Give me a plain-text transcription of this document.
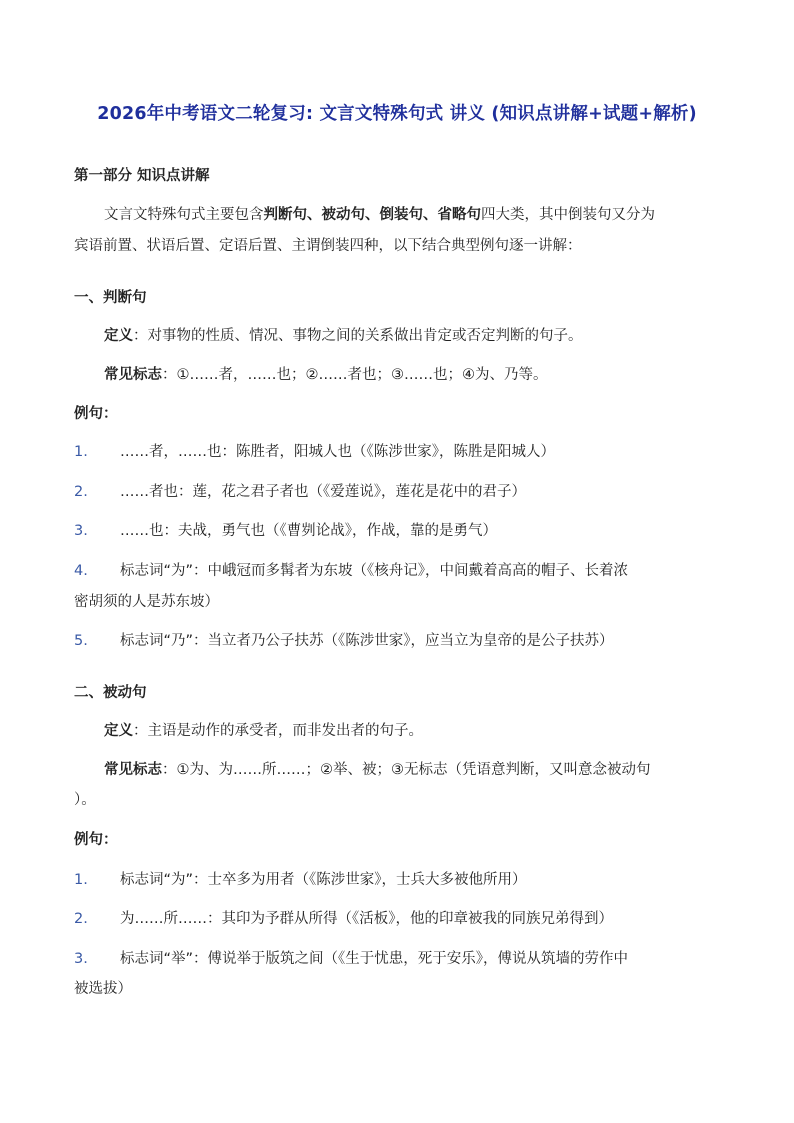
2026年中考语文二轮复习: 文言文特殊句式 讲义 (知识点讲解+试题+解析)
第一部分 知识点讲解
文言文特殊句式主要包含判断句、被动句、倒装句、省略句四大类，其中倒装句又分为
宾语前置、状语后置、定语后置、主谓倒装四种，以下结合典型例句逐一讲解：
一、判断句
定义：对事物的性质、情况、事物之间的关系做出肯定或否定判断的句子。
常见标志：①……者，……也；②……者也；③……也；④为、乃等。
例句：
1. ……者，……也：陈胜者，阳城人也（《陈涉世家》，陈胜是阳城人）
2. ……者也：莲，花之君子者也（《爱莲说》，莲花是花中的君子）
3. ……也：夫战，勇气也（《曹刿论战》，作战，靠的是勇气）
4. 标志词“为”：中峨冠而多髯者为东坡（《核舟记》，中间戴着高高的帽子、长着浓
密胡须的人是苏东坡）
5. 标志词“乃”：当立者乃公子扶苏（《陈涉世家》，应当立为皇帝的是公子扶苏）
二、被动句
定义：主语是动作的承受者，而非发出者的句子。
常见标志：①为、为……所……；②举、被；③无标志（凭语意判断，又叫意念被动句
）。
例句：
1. 标志词“为”：士卒多为用者（《陈涉世家》，士兵大多被他所用）
2. 为……所……：其印为予群从所得（《活板》，他的印章被我的同族兄弟得到）
3. 标志词“举”：傅说举于版筑之间（《生于忧患，死于安乐》，傅说从筑墙的劳作中
被选拔）
